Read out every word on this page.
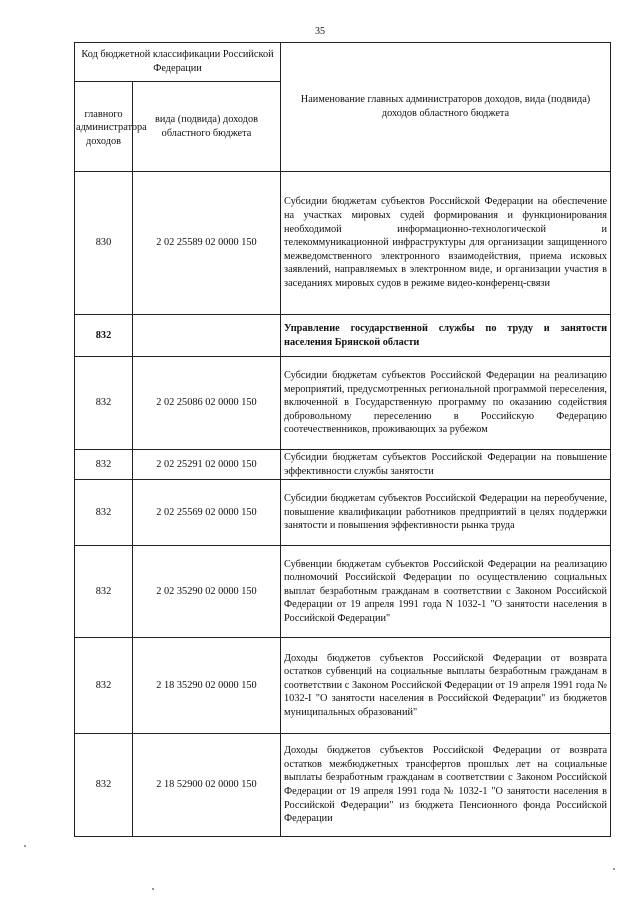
35
Код бюджетной классификации Российской Федерации		Наименование главных администраторов доходов, вида (подвида) доходов областного бюджета
главного администратора доходов	вида (подвида) доходов областного бюджета	
830	2 02 25589 02 0000 150	Субсидии бюджетам субъектов Российской Федерации на обеспечение на участках мировых судей формирования и функционирования необходимой информационно-технологической и телекоммуникационной инфраструктуры для организации защищенного межведомственного электронного взаимодействия, приема исковых заявлений, направляемых в электронном виде, и организации участия в заседаниях мировых судов в режиме видео-конференц-связи
832		Управление государственной службы по труду и занятости населения Брянской области
832	2 02 25086 02 0000 150	Субсидии бюджетам субъектов Российской Федерации на реализацию мероприятий, предусмотренных региональной программой переселения, включенной в Государственную программу по оказанию содействия добровольному переселению в Российскую Федерацию соотечественников, проживающих за рубежом
832	2 02 25291 02 0000 150	Субсидии бюджетам субъектов Российской Федерации на повышение эффективности службы занятости
832	2 02 25569 02 0000 150	Субсидии бюджетам субъектов Российской Федерации на переобучение, повышение квалификации работников предприятий в целях поддержки занятости и повышения эффективности рынка труда
832	2 02 35290 02 0000 150	Субвенции бюджетам субъектов Российской Федерации на реализацию полномочий Российской Федерации по осуществлению социальных выплат безработным гражданам в соответствии с Законом Российской Федерации от 19 апреля 1991 года N 1032-1 "О занятости населения в Российской Федерации"
832	2 18 35290 02 0000 150	Доходы бюджетов субъектов Российской Федерации от возврата остатков субвенций на социальные выплаты безработным гражданам в соответствии с Законом Российской Федерации от 19 апреля 1991 года № 1032-I "О занятости населения в Российской Федерации" из бюджетов муниципальных образований"
832	2 18 52900 02 0000 150	Доходы бюджетов субъектов Российской Федерации от возврата остатков межбюджетных трансфертов прошлых лет на социальные выплаты безработным гражданам в соответствии с Законом Российской Федерации от 19 апреля 1991 года № 1032-1 "О занятости населения в Российской Федерации" из бюджета Пенсионного фонда Российской Федерации
